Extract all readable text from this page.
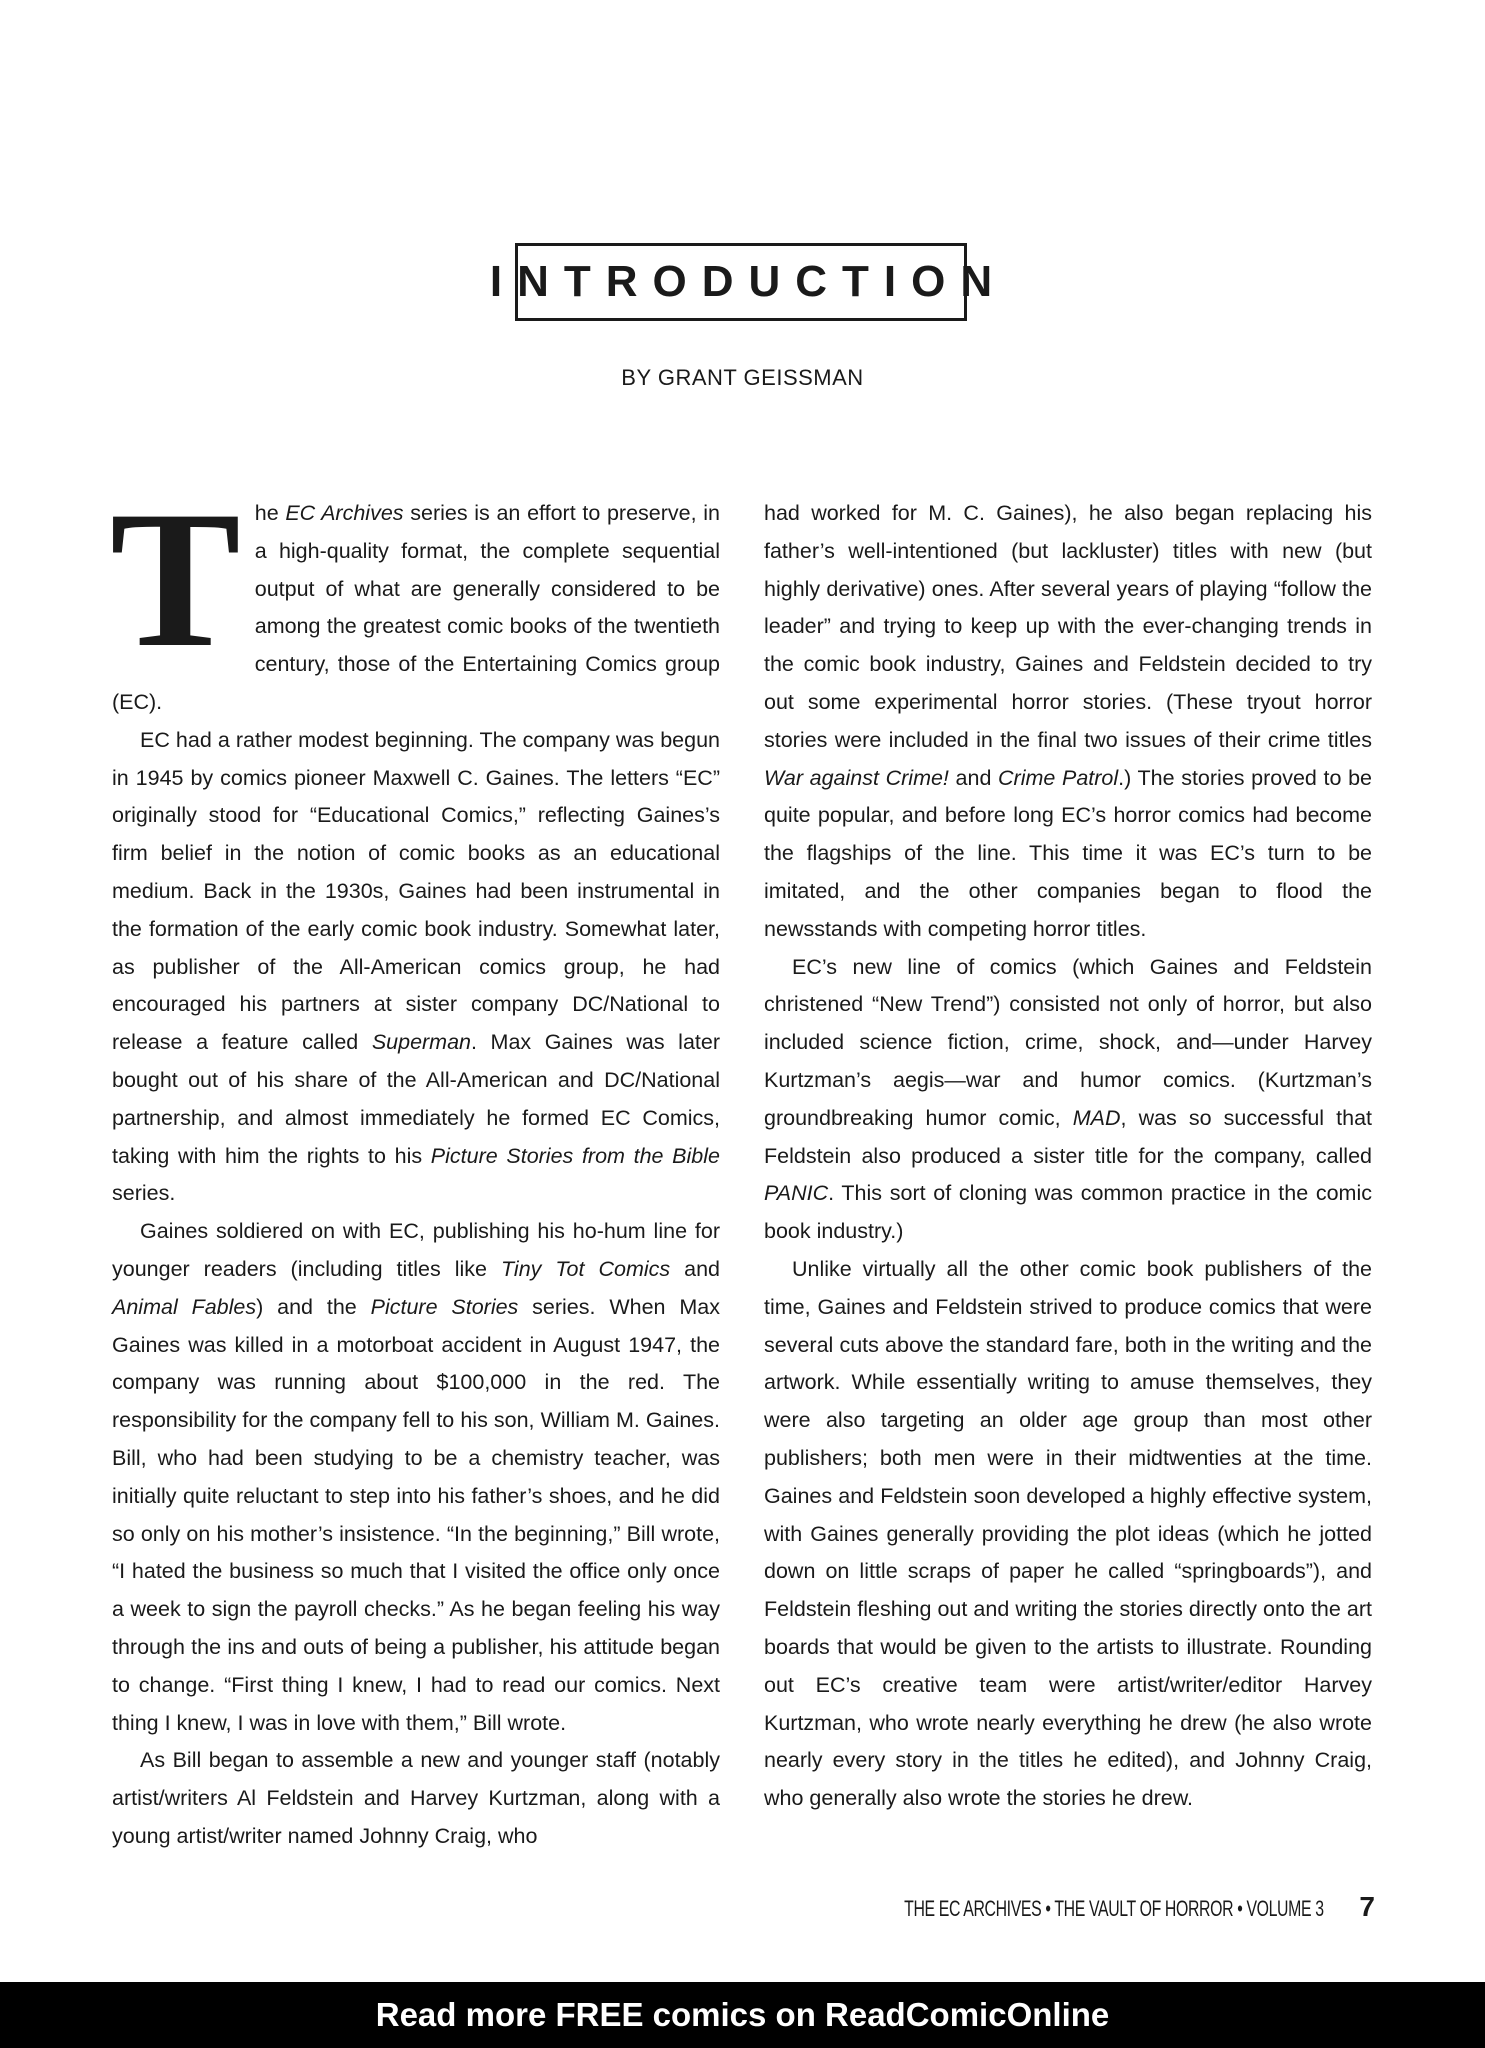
INTRODUCTION
BY GRANT GEISSMAN

The EC Archives series is an effort to preserve, in a high-quality format, the complete sequential output of what are generally considered to be among the greatest comic books of the twentieth century, those of the Entertaining Comics group (EC).

EC had a rather modest beginning. The company was begun in 1945 by comics pioneer Maxwell C. Gaines. The letters “EC” originally stood for “Educational Comics,” reflecting Gaines’s firm belief in the notion of comic books as an educational medium. Back in the 1930s, Gaines had been instrumental in the formation of the early comic book industry. Somewhat later, as publisher of the All-American comics group, he had encouraged his partners at sister company DC/National to release a feature called Superman. Max Gaines was later bought out of his share of the All-American and DC/National partnership, and almost immediately he formed EC Comics, taking with him the rights to his Picture Stories from the Bible series.

Gaines soldiered on with EC, publishing his ho-hum line for younger readers (including titles like Tiny Tot Comics and Animal Fables) and the Picture Stories series. When Max Gaines was killed in a motorboat accident in August 1947, the company was running about $100,000 in the red. The responsibility for the company fell to his son, William M. Gaines. Bill, who had been studying to be a chemistry teacher, was initially quite reluctant to step into his father’s shoes, and he did so only on his mother’s insistence. “In the beginning,” Bill wrote, “I hated the business so much that I visited the office only once a week to sign the payroll checks.” As he began feeling his way through the ins and outs of being a publisher, his attitude began to change. “First thing I knew, I had to read our comics. Next thing I knew, I was in love with them,” Bill wrote.

As Bill began to assemble a new and younger staff (notably artist/writers Al Feldstein and Harvey Kurtzman, along with a young artist/writer named Johnny Craig, who

had worked for M. C. Gaines), he also began replacing his father’s well-intentioned (but lackluster) titles with new (but highly derivative) ones. After several years of playing “follow the leader” and trying to keep up with the ever-changing trends in the comic book industry, Gaines and Feldstein decided to try out some experimental horror stories. (These tryout horror stories were included in the final two issues of their crime titles War against Crime! and Crime Patrol.) The stories proved to be quite popular, and before long EC’s horror comics had become the flagships of the line. This time it was EC’s turn to be imitated, and the other companies began to flood the newsstands with competing horror titles.

EC’s new line of comics (which Gaines and Feldstein christened “New Trend”) consisted not only of horror, but also included science fiction, crime, shock, and—under Harvey Kurtzman’s aegis—war and humor comics. (Kurtzman’s groundbreaking humor comic, MAD, was so successful that Feldstein also produced a sister title for the company, called PANIC. This sort of cloning was common practice in the comic book industry.)

Unlike virtually all the other comic book publishers of the time, Gaines and Feldstein strived to produce comics that were several cuts above the standard fare, both in the writing and the artwork. While essentially writing to amuse themselves, they were also targeting an older age group than most other publishers; both men were in their midtwenties at the time. Gaines and Feldstein soon developed a highly effective system, with Gaines generally providing the plot ideas (which he jotted down on little scraps of paper he called “springboards”), and Feldstein fleshing out and writing the stories directly onto the art boards that would be given to the artists to illustrate. Rounding out EC’s creative team were artist/writer/editor Harvey Kurtzman, who wrote nearly everything he drew (he also wrote nearly every story in the titles he edited), and Johnny Craig, who generally also wrote the stories he drew.

THE EC ARCHIVES • THE VAULT OF HORROR • VOLUME 3 7
Read more FREE comics on ReadComicOnline
